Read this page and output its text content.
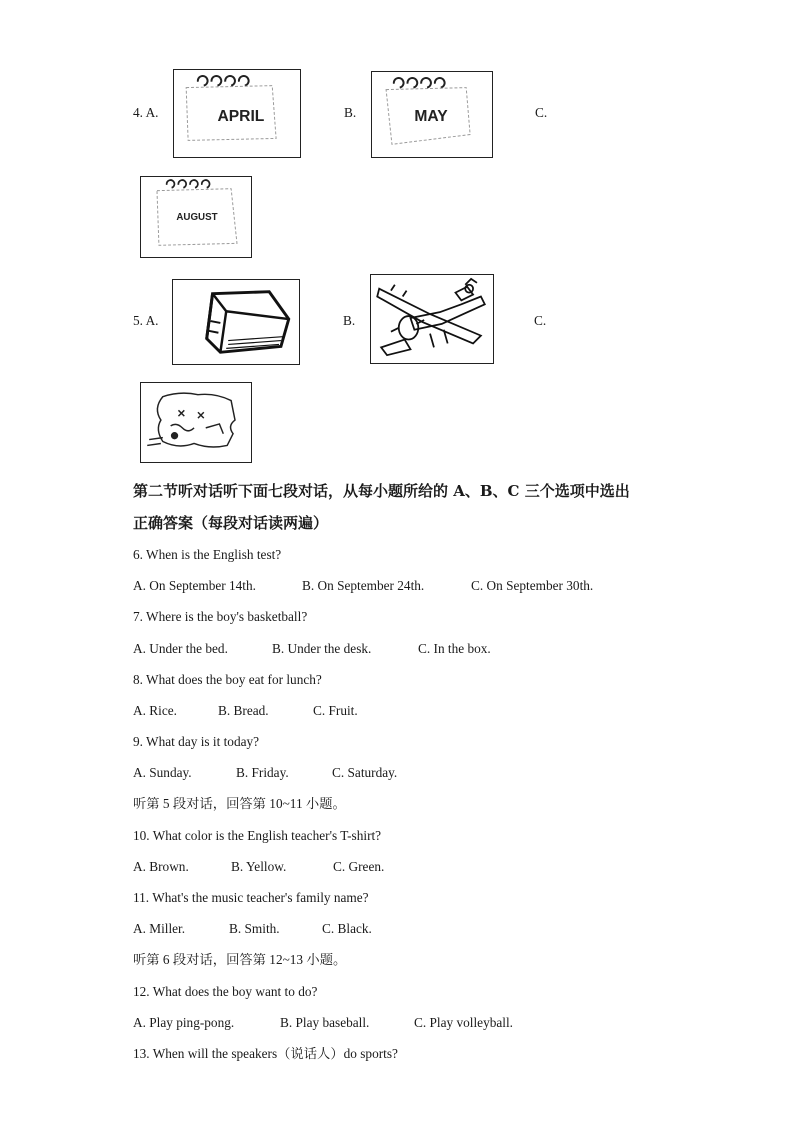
4. A.	APRIL	B.	MAY	C.
AUGUST
5. A.	B.	C.
第二节听对话听下面七段对话，从每小题所给的 A、B、C 三个选项中选出
正确答案（每段对话读两遍）
6. When is the English test?
A. On September 14th.	B. On September 24th.	C. On September 30th.
7. Where is the boy's basketball?
A. Under the bed.	B. Under the desk.	C. In the box.
8. What does the boy eat for lunch?
A. Rice.	B. Bread.	C. Fruit.
9. What day is it today?
A. Sunday.	B. Friday.	C. Saturday.
听第 5 段对话，回答第 10~11 小题。
10. What color is the English teacher's T-shirt?
A. Brown.	B. Yellow.	C. Green.
11. What's the music teacher's family name?
A. Miller.	B. Smith.	C. Black.
听第 6 段对话，回答第 12~13 小题。
12. What does the boy want to do?
A. Play ping-pong.	B. Play baseball.	C. Play volleyball.
13. When will the speakers（说话人）do sports?
